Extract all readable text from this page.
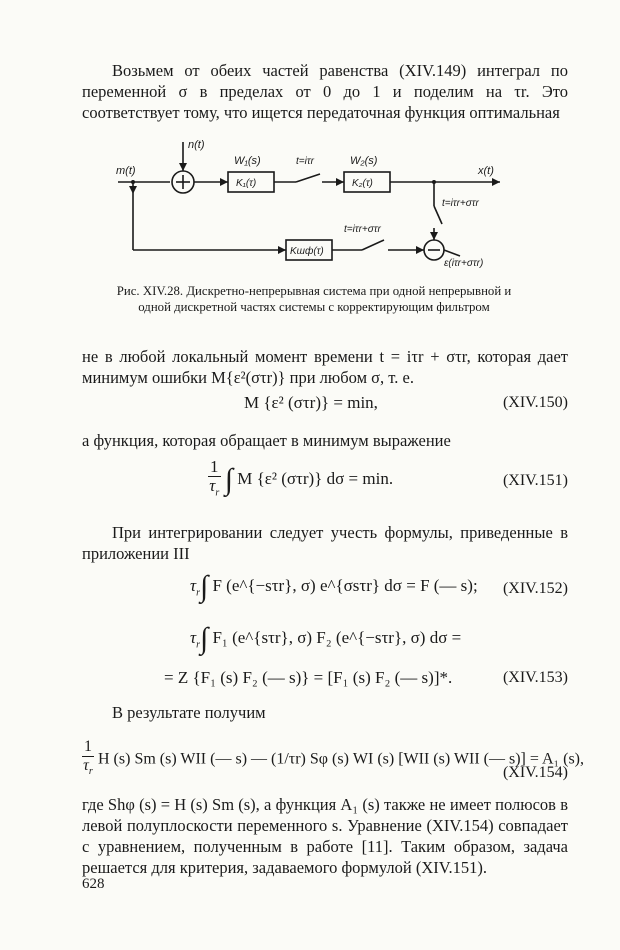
Возьмем от обеих частей равенства (XIV.149) интеграл по переменной σ в пределах от 0 до 1 и поделим на τr. Это соответствует тому, что ищется передаточная функция оптимальная
n(t)
m(t)
W₁(s)
K₁(τ)
t=iτr	W₂(s)
K₂(τ)
x(t)
t=iτr+στr
t=iτr+στr
Kшф(τ)
ε(iτr+στr)
Рис. XIV.28. Дискретно-непрерывная система при одной непрерывной и одной дискретной частях системы с корректирующим фильтром
не в любой локальный момент времени t = iτr + στr, которая дает минимум ошибки M{ε²(στr)} при любом σ, т. е.
M {ε² (στr)} = min,	(XIV.150)
а функция, которая обращает в минимум выражение
$\frac{1}{\tau_r}$ ∫ M {ε² (στr)} dσ = min.	(XIV.151)
При интегрировании следует учесть формулы, приведенные в приложении III
$\tau_r\int$ F (e^{−sτr}, σ) e^{σsτr} dσ = F (— s); (XIV.152)
$\tau_r\int$ F₁ (e^{sτr}, σ) F₂ (e^{−sτr}, σ) dσ =
= Z {F₁ (s) F₂ (— s)} = [F₁ (s) F₂ (— s)]*.	(XIV.153)
В результате получим
$\frac{1}{\tau_r}$ H (s) Sm (s) WII (— s) — (1/τr) Sφ (s) WI (s) [WII (s) WII (— s)] = A₁ (s),
(XIV.154)
где Shφ (s) = H (s) Sm (s), а функция A₁ (s) также не имеет полюсов в левой полуплоскости переменного s. Уравнение (XIV.154) совпадает с уравнением, полученным в работе [11]. Таким образом, задача решается для критерия, задаваемого формулой (XIV.151).
628
